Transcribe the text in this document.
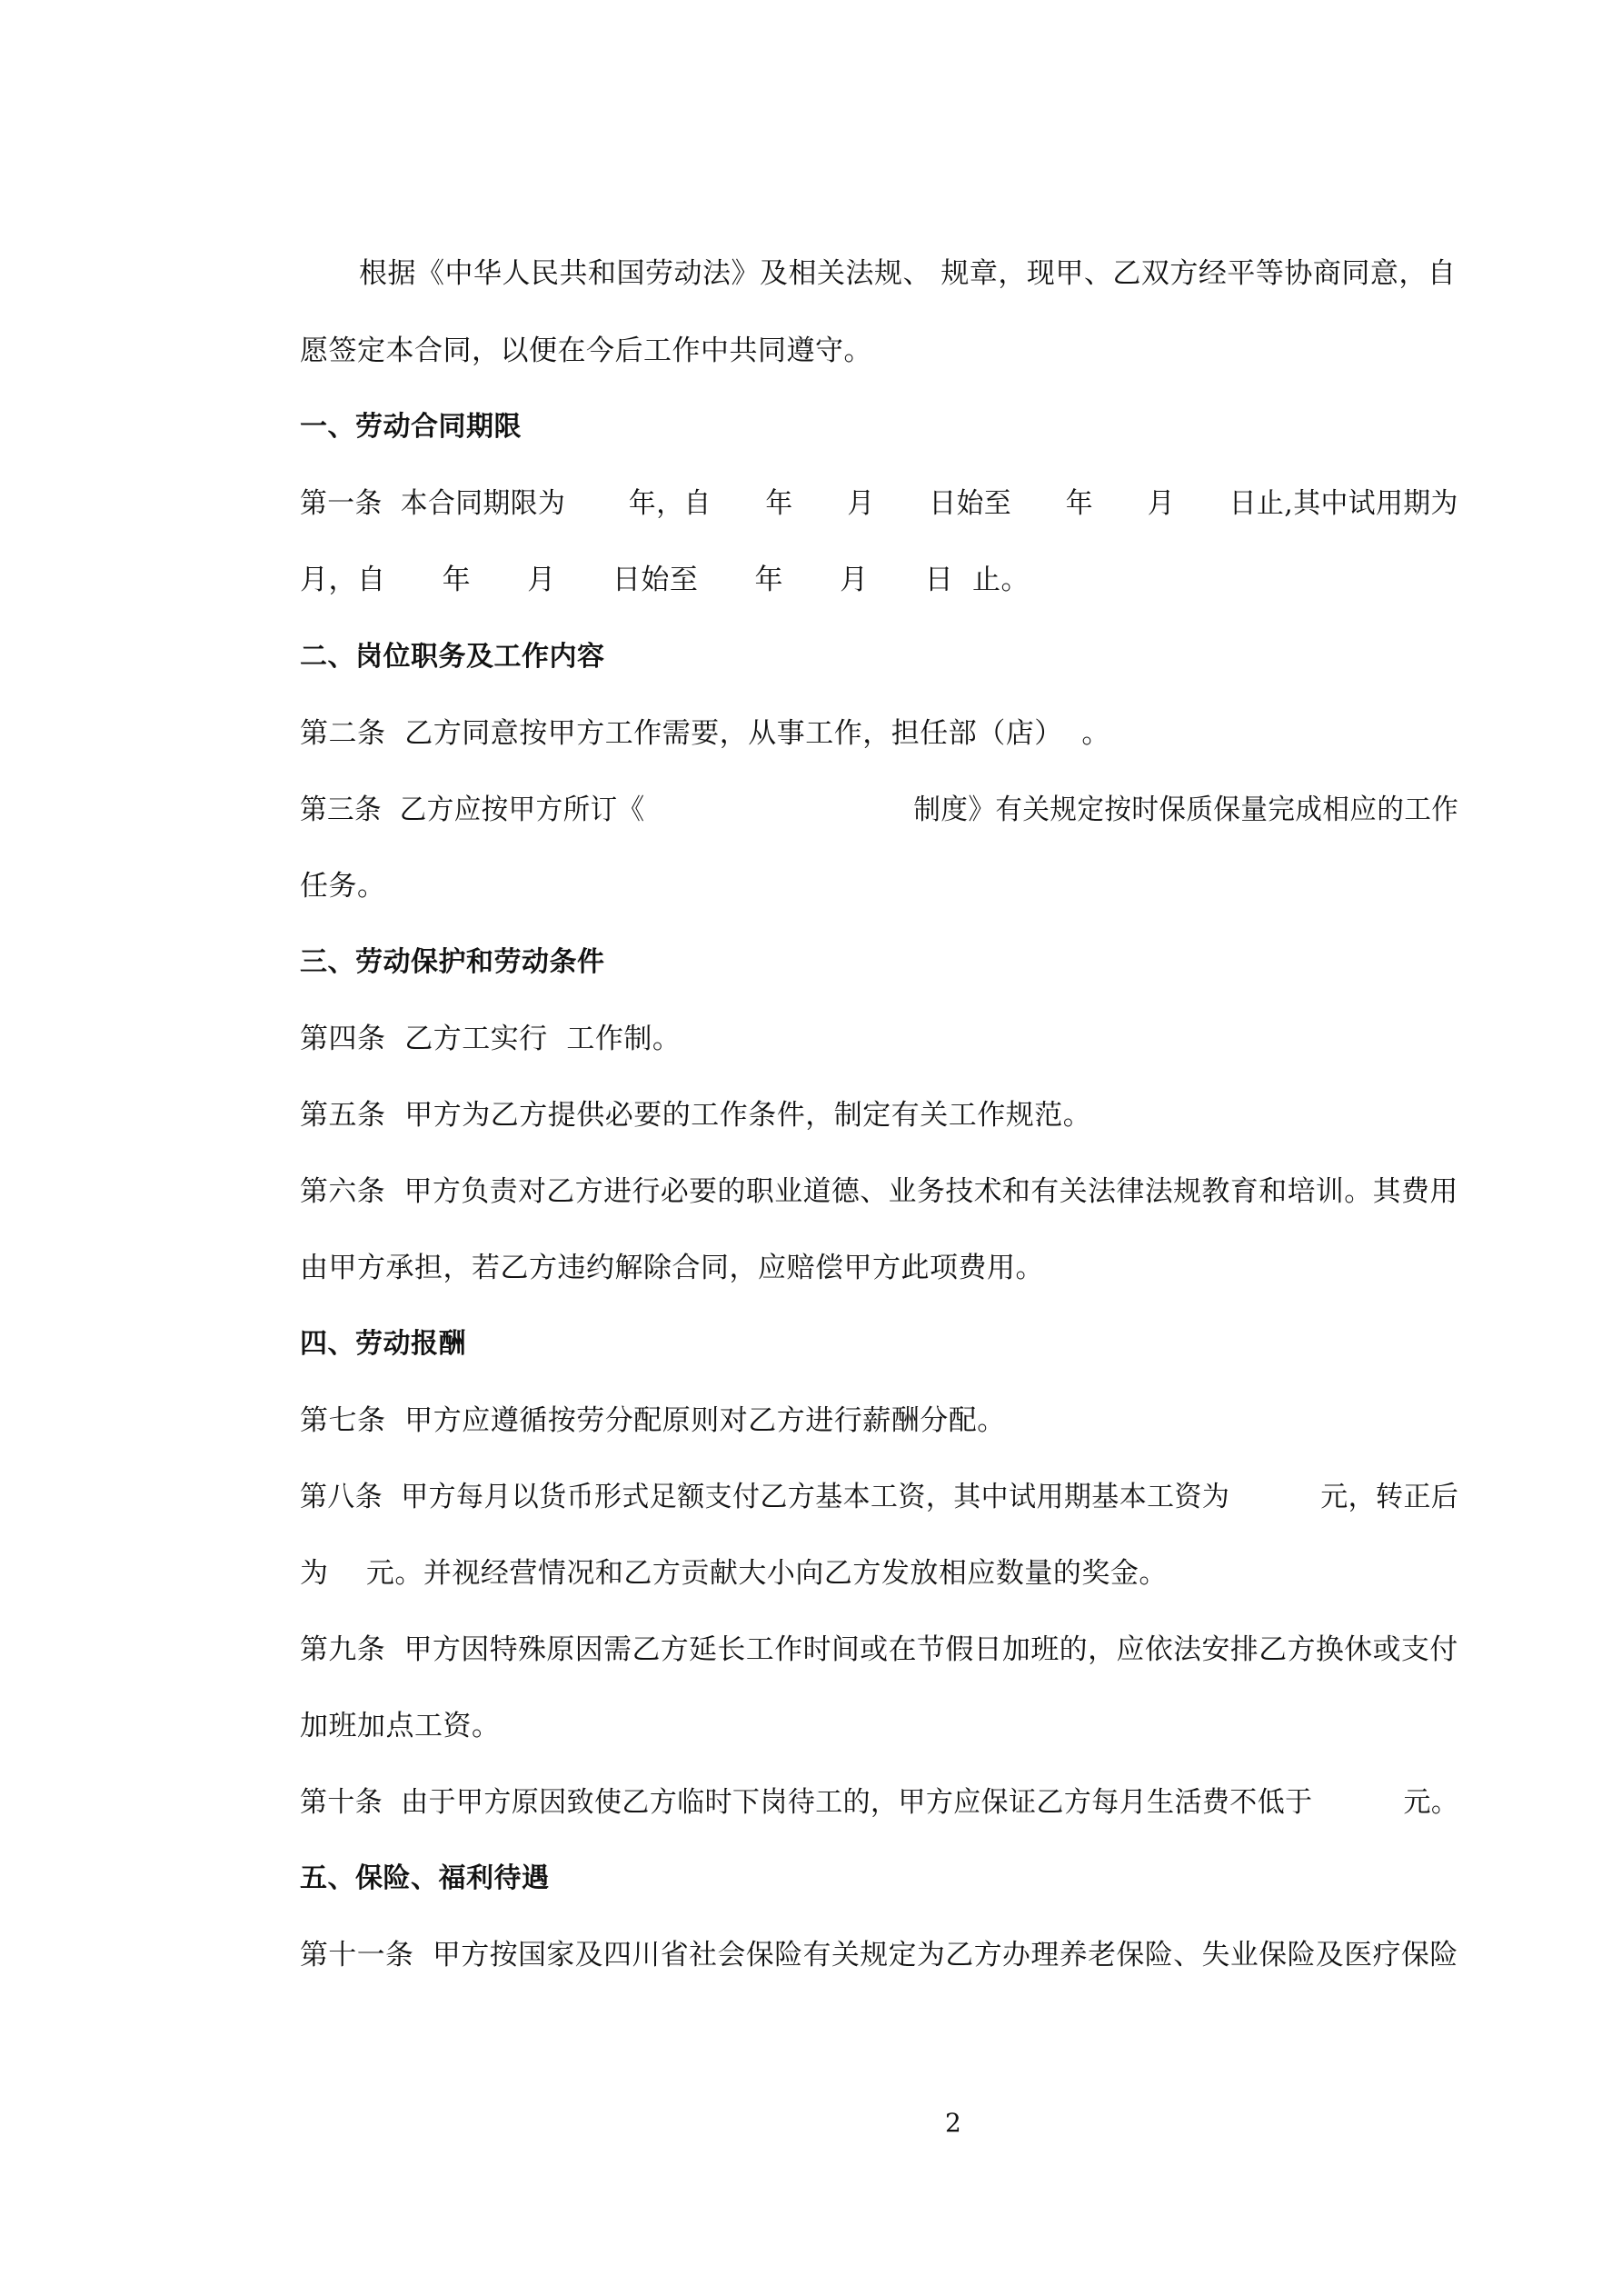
根据《中华人民共和国劳动法》及相关法规、 规章，现甲、乙双方经平等协商同意，自
愿签定本合同，以便在今后工作中共同遵守。
一、劳动合同期限
第一条 本合同期限为       年，自      年      月      日始至      年      月      日止,其中试用期为
月，自      年      月      日始至      年      月      日  止。
二、岗位职务及工作内容
第二条  乙方同意按甲方工作需要，从事工作，担任部（店）  。
第三条  乙方应按甲方所订《                              制度》有关规定按时保质保量完成相应的工作
任务。
三、劳动保护和劳动条件
第四条  乙方工实行  工作制。
第五条  甲方为乙方提供必要的工作条件，制定有关工作规范。
第六条  甲方负责对乙方进行必要的职业道德、业务技术和有关法律法规教育和培训。其费用
由甲方承担，若乙方违约解除合同，应赔偿甲方此项费用。
四、劳动报酬
第七条  甲方应遵循按劳分配原则对乙方进行薪酬分配。
第八条  甲方每月以货币形式足额支付乙方基本工资，其中试用期基本工资为          元，转正后
为    元。并视经营情况和乙方贡献大小向乙方发放相应数量的奖金。
第九条  甲方因特殊原因需乙方延长工作时间或在节假日加班的，应依法安排乙方换休或支付
加班加点工资。
第十条  由于甲方原因致使乙方临时下岗待工的，甲方应保证乙方每月生活费不低于          元。
五、保险、福利待遇
第十一条  甲方按国家及四川省社会保险有关规定为乙方办理养老保险、失业保险及医疗保险
2
